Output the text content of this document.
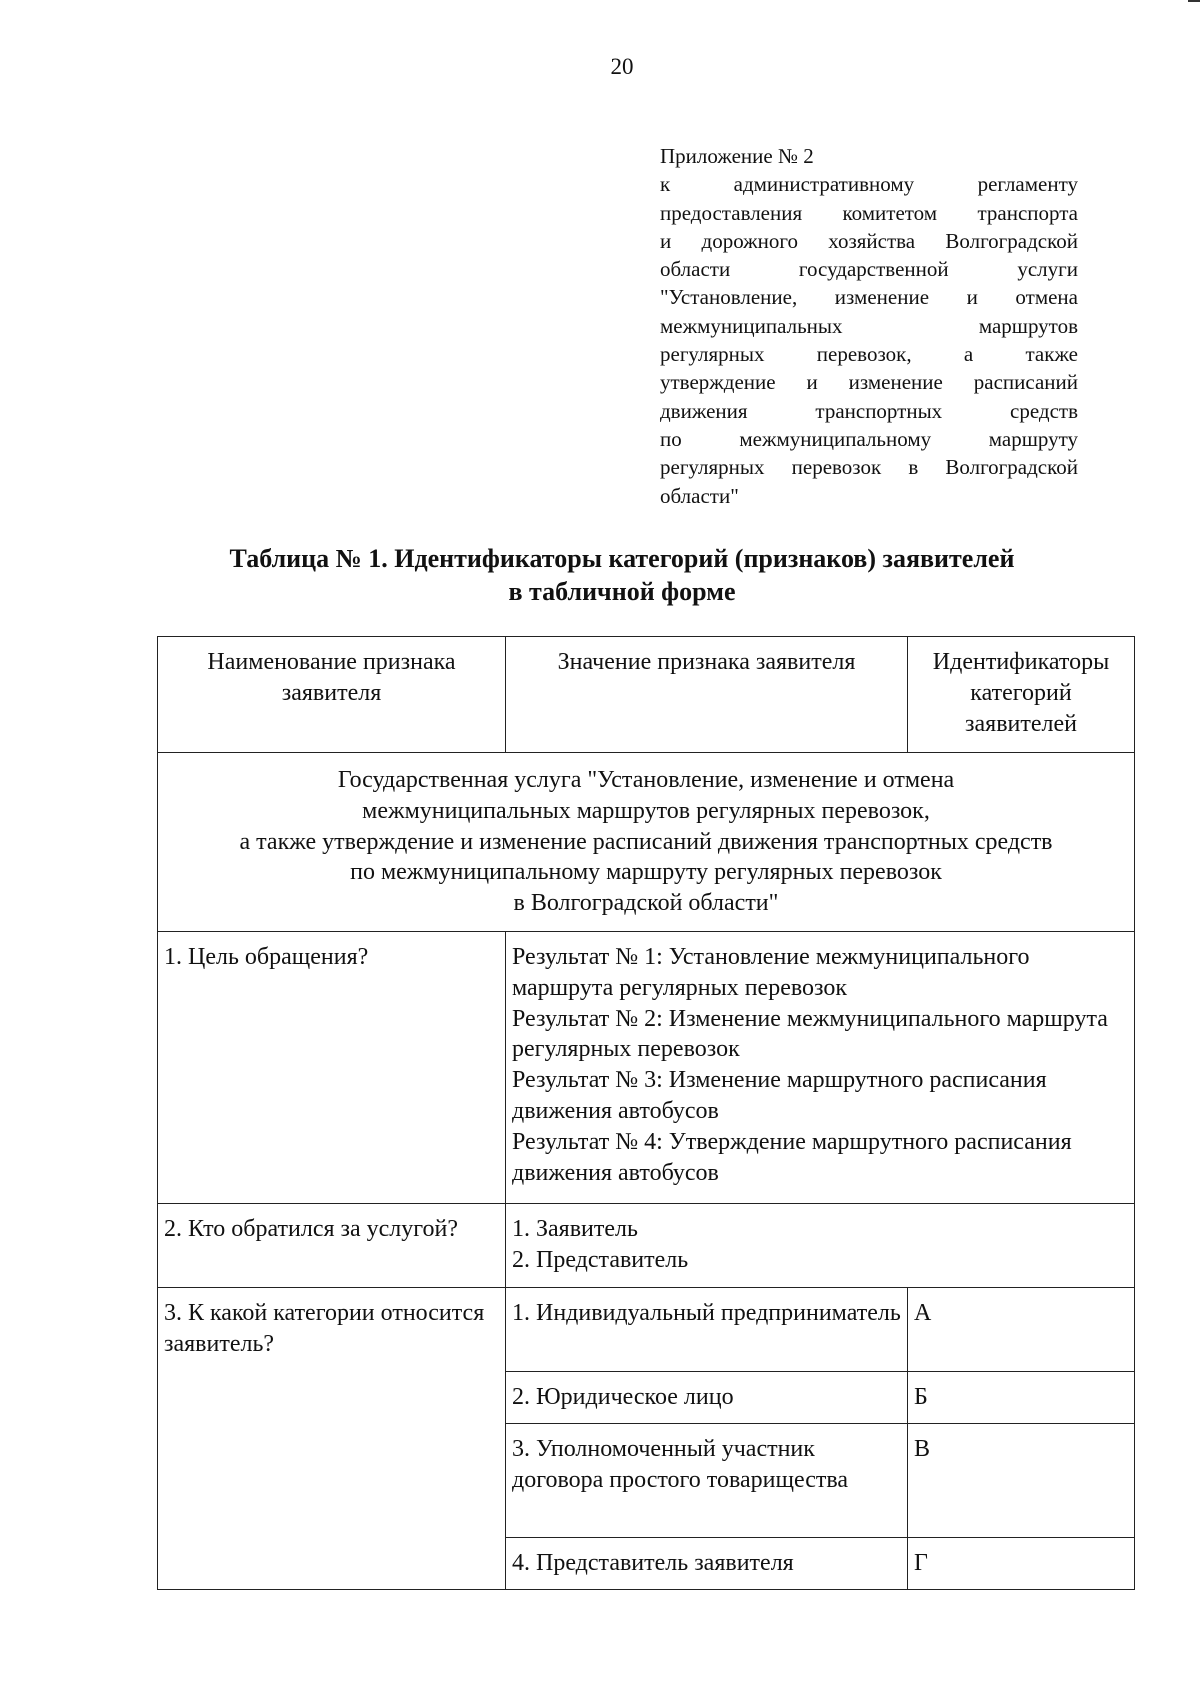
20
Приложение № 2
к административному регламенту
предоставления комитетом транспорта
и дорожного хозяйства Волгоградской
области государственной услуги
"Установление, изменение и отмена
межмуниципальных маршрутов
регулярных перевозок, а также
утверждение и изменение расписаний
движения транспортных средств
по межмуниципальному маршруту
регулярных перевозок в Волгоградской
области"
Таблица № 1. Идентификаторы категорий (признаков) заявителей
в табличной форме
Наименование признака заявителя	Значение признака заявителя	Идентификаторы категорий заявителей

Государственная услуга "Установление, изменение и отмена
межмуниципальных маршрутов регулярных перевозок,
а также утверждение и изменение расписаний движения транспортных средств
по межмуниципальному маршруту регулярных перевозок
в Волгоградской области"		

1. Цель обращения?	Результат № 1: Установление межмуниципального маршрута регулярных перевозок
Результат № 2: Изменение межмуниципального маршрута регулярных перевозок
Результат № 3: Изменение маршрутного расписания движения автобусов
Результат № 4: Утверждение маршрутного расписания движения автобусов	

2. Кто обратился за услугой?	1. Заявитель
2. Представитель	

3. К какой категории относится заявитель?	1. Индивидуальный предприниматель	А
	2. Юридическое лицо	Б
	3. Уполномоченный участник договора простого товарищества	В
	4. Представитель заявителя	Г
